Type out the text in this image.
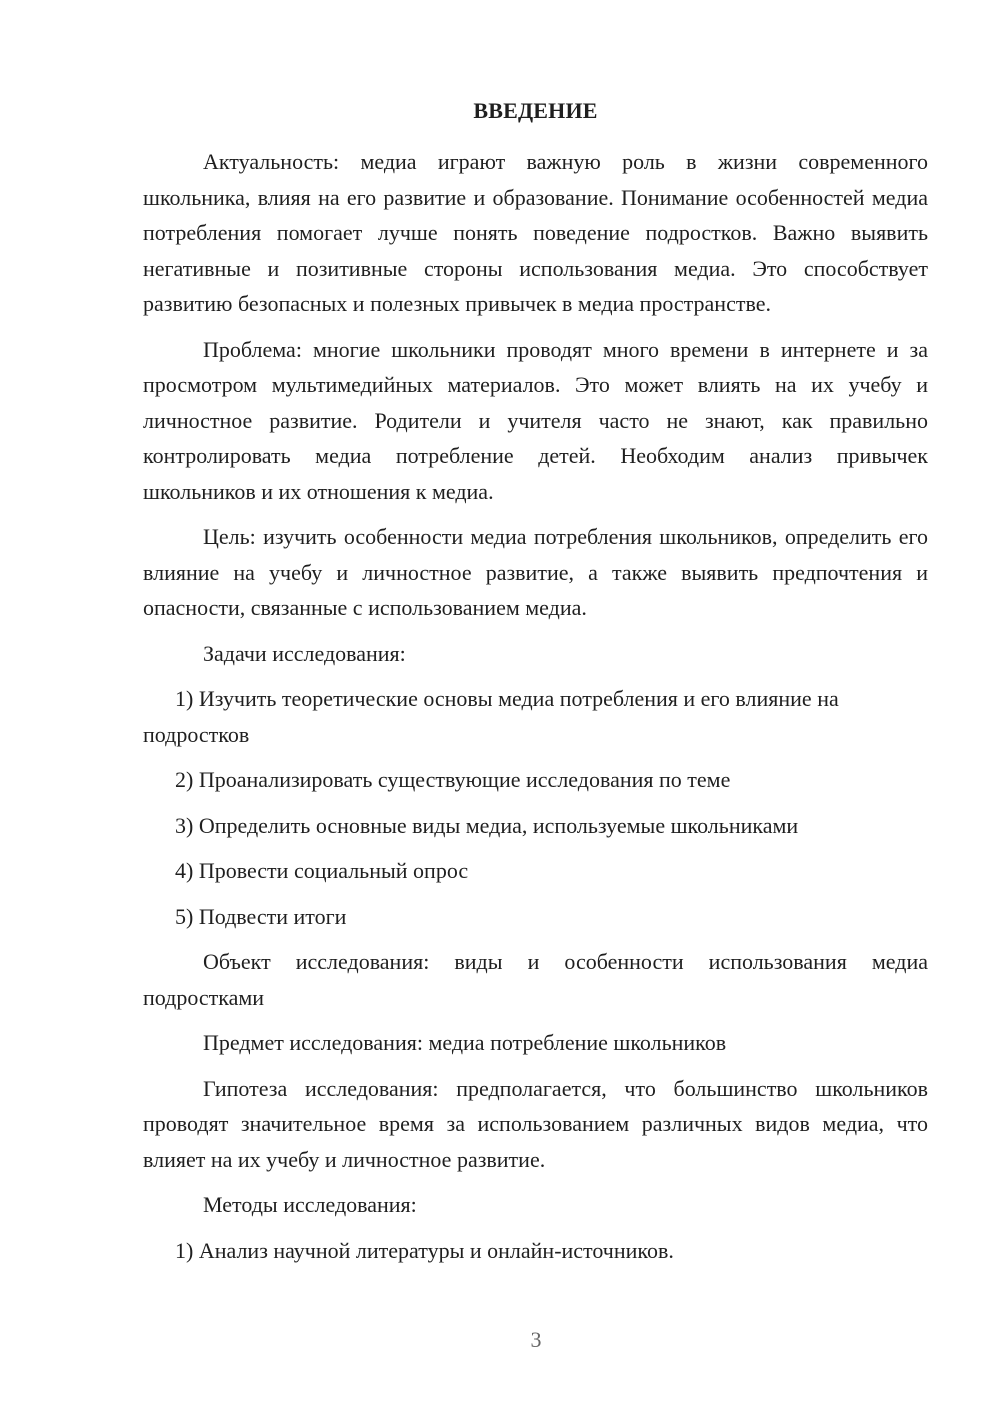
ВВЕДЕНИЕ

Актуальность: медиа играют важную роль в жизни современного школьника, влияя на его развитие и образование. Понимание особенностей медиа потребления помогает лучше понять поведение подростков. Важно выявить негативные и позитивные стороны использования медиа. Это способствует развитию безопасных и полезных привычек в медиа пространстве.

Проблема: многие школьники проводят много времени в интернете и за просмотром мультимедийных материалов. Это может влиять на их учебу и личностное развитие. Родители и учителя часто не знают, как правильно контролировать медиа потребление детей. Необходим анализ привычек школьников и их отношения к медиа.

Цель: изучить особенности медиа потребления школьников, определить его влияние на учебу и личностное развитие, а также выявить предпочтения и опасности, связанные с использованием медиа.

Задачи исследования:

1) Изучить теоретические основы медиа потребления и его влияние на подростков

2) Проанализировать существующие исследования по теме

3) Определить основные виды медиа, используемые школьниками

4) Провести социальный опрос

5) Подвести итоги

Объект исследования: виды и особенности использования медиа подростками

Предмет исследования: медиа потребление школьников

Гипотеза исследования: предполагается, что большинство школьников проводят значительное время за использованием различных видов медиа, что влияет на их учебу и личностное развитие.

Методы исследования:

1) Анализ научной литературы и онлайн-источников.

3
